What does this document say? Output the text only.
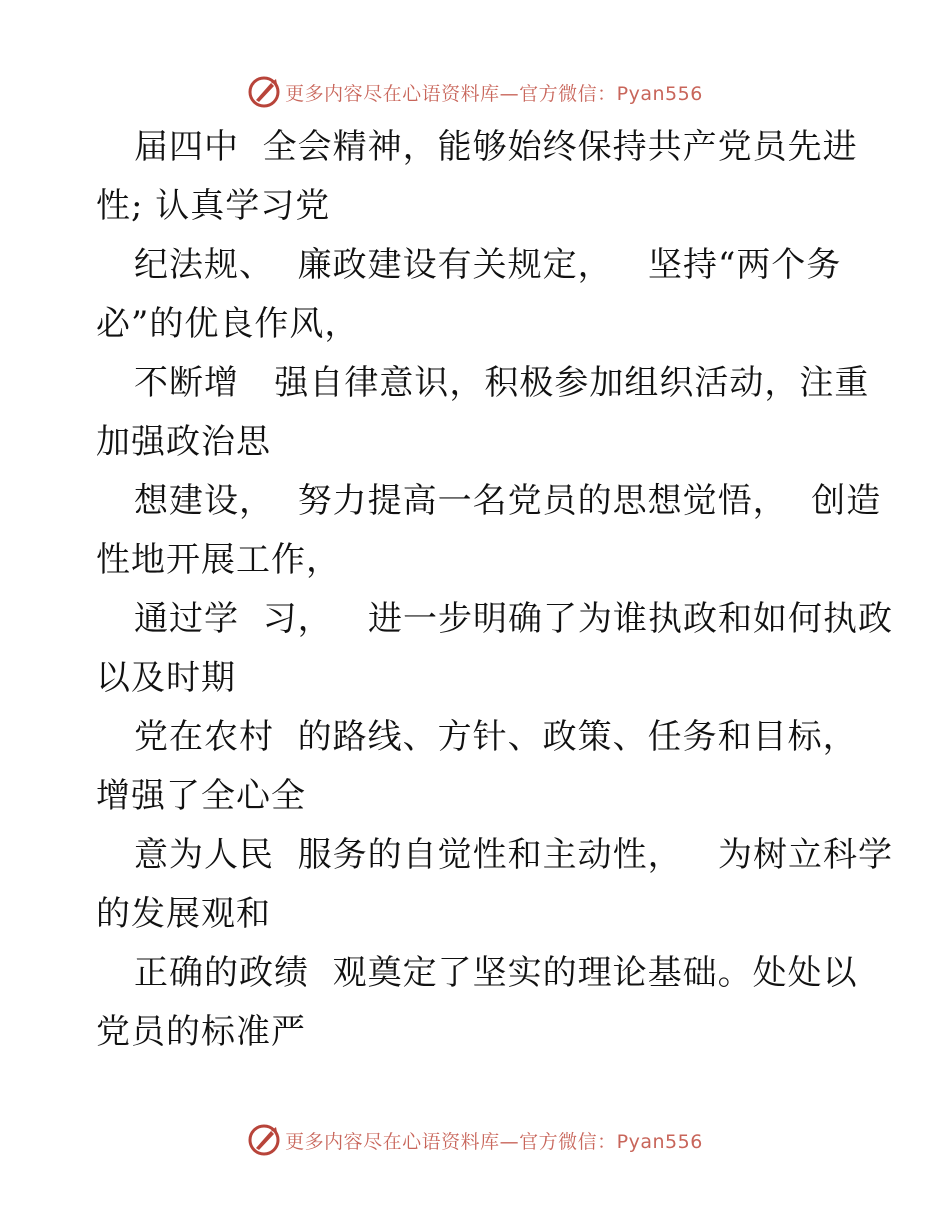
更多内容尽在心语资料库—官方微信：Pyan556

届四中  全会精神，能够始终保持共产党员先进
性; 认真学习党

纪法规、  廉政建设有关规定，   坚持“两个务
必”的优良作风，

不断增   强自律意识，积极参加组织活动，注重
加强政治思

想建设，  努力提高一名党员的思想觉悟，  创造
性地开展工作，

通过学  习，   进一步明确了为谁执政和如何执政
以及时期

党在农村  的路线、方针、政策、任务和目标，
增强了全心全

意为人民  服务的自觉性和主动性，   为树立科学
的发展观和

正确的政绩  观奠定了坚实的理论基础。处处以
党员的标准严

更多内容尽在心语资料库—官方微信：Pyan556
